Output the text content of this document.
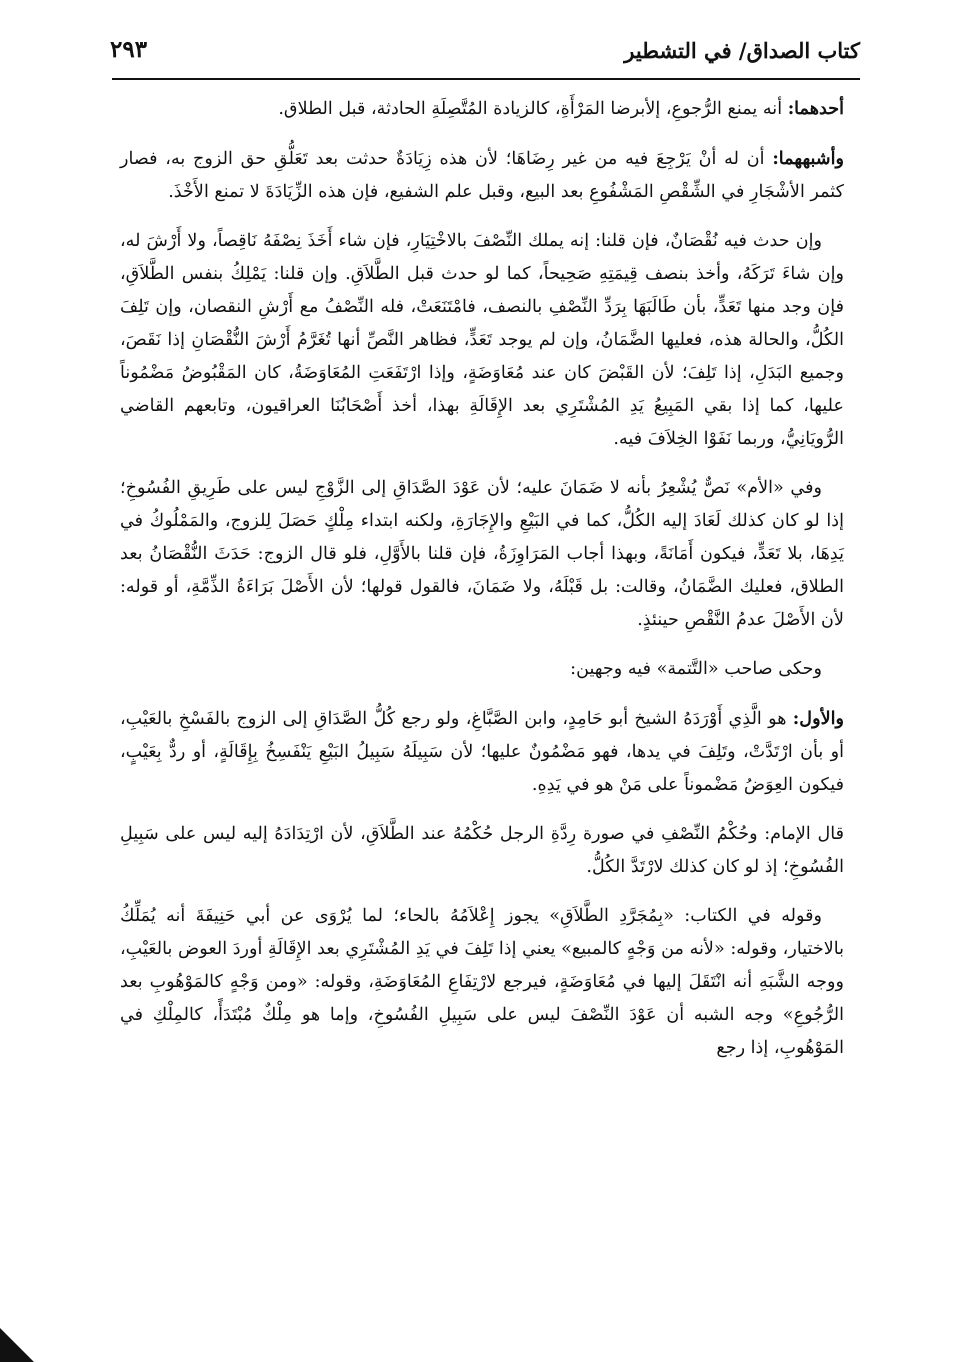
كتاب الصداق/ في التشطير
٢٩٣

أحدهما: أنه يمنع الرُّجوعِ، إلأبرضا المَرْأَةِ، كالزيادة المُتَّصِلَةِ الحادثة، قبل الطلاق.

وأشبههما: أن له أنْ يَرْجِعَ فيه من غير رِضَاهَا؛ لأن هذه زِيَادَةٌ حدثت بعد تَعَلُّقِ حق الزوج به، فصار كثمر الأشْجَارِ في الشِّقْصِ المَشْفُوعِ بعد البيع، وقبل علم الشفيع، فإن هذه الزِّيَادَةَ لا تمنع الأَخْذَ.

وإن حدث فيه نُقْصَانٌ، فإن قلنا: إنه يملك النِّصْفَ بالاخْتِيَارِ، فإن شاء أَخَذَ نِصْفَهُ نَاقِصاً، ولا أَرْشَ له، وإن شاءَ تَرَكَهُ، وأخذ بنصف قِيمَتِهِ صَحِيحاً، كما لو حدث قبل الطَّلاَقِ. وإن قلنا: يَمْلِكُ بنفس الطَّلاَقِ، فإن وجد منها تَعَدٍّ، بأن طَالَبَهَا بِرَدِّ النِّصْفِ بالنصف، فامْتَنَعَتْ، فله النِّصْفُ مع أَرْشِ النقصان، وإن تَلِفَ الكُلُّ، والحالة هذه، فعليها الضَّمَانُ، وإن لم يوجد تَعَدٍّ، فظاهر النَّصِّ أنها تُغَرَّمُ أَرْشَ النُّقْصَانِ إذا نَقَصَ، وجميع البَدَلِ، إذا تَلِفَ؛ لأن القَبْضَ كان عند مُعَاوَضَةٍ، وإذا ارْتَفَعَتِ المُعَاوَضَةُ، كان المَقْبُوضُ مَضْمُوناً عليها، كما إذا بقي المَبِيعُ يَدِ المُشْتَرِي بعد الإِقَالَةِ بهذا، أخذ أَصْحَابُنَا العراقيون، وتابعهم القاضي الرُّويَانِيُّ، وربما نَفَوْا الخِلاَفَ فيه.

وفي «الأم» نَصٌّ يُشْعِرُ بأنه لا ضَمَانَ عليه؛ لأن عَوْدَ الصَّدَاقِ إلى الزَّوْجِ ليس على طَرِيقِ الفُسُوخِ؛ إذا لو كان كذلك لَعَادَ إليه الكُلُّ، كما في البَيْعِ والإِجَارَةِ، ولكنه ابتداء مِلْكٍ حَصَلَ لِلزوج، والمَمْلُوكُ في يَدِهَا، بلا تَعَدٍّ، فيكون أَمَانَةً، وبهذا أجاب المَرَاوِزَةُ، فإن قلنا بالأَوَّلِ، فلو قال الزوج: حَدَثَ النُّقْصَانُ بعد الطلاق، فعليك الضَّمَانُ، وقالت: بل قَبْلَهُ، ولا ضَمَانَ، فالقول قولها؛ لأن الأَصْلَ بَرَاءَةُ الذِّمَّةِ، أو قوله: لأن الأَصْلَ عدمُ النَّقْصِ حينئذٍ.

وحكى صاحب «التَّتمة» فيه وجهين:

والأول: هو الَّذِي أَوْرَدَهُ الشيخ أبو حَامِدٍ، وابن الصَّبَّاغِ، ولو رجع كُلُّ الصَّدَاقِ إلى الزوج بالفَسْخِ بالعَيْبِ، أو بأن ارْتَدَّتْ، وتَلِفَ في يدها، فهو مَضْمُونٌ عليها؛ لأن سَبِيلَهُ سَبِيلُ البَيْعِ يَنْفَسِخُ بِإِقَالَةٍ، أو ردٌّ بِعَيْبٍ، فيكون العِوَضُ مَضْموناً على مَنْ هو في يَدِهِ.

قال الإمام: وحُكْمُ النِّصْفِ في صورة رِدَّةِ الرجل حُكْمُهُ عند الطَّلاَقِ، لأن ارْتِدَادَهُ إليه ليس على سَبِيلِ الفُسُوخِ؛ إذ لو كان كذلك لارْتَدَّ الكُلُّ.

وقوله في الكتاب: «بِمُجَرَّدِ الطَّلاَقِ» يجوز إِعْلاَمُهُ بالحاء؛ لما يُرْوَى عن أبي حَنِيفَةَ أنه يُمَلِّكُ بالاختيار، وقوله: «لأنه من وَجْهٍ كالمبيع» يعني إذا تَلِفَ في يَدِ المُشْتَرِي بعد الإِقَالَةِ أوردَ العوض بالعَيْبِ، ووجه الشَّبَهِ أنه انْتَقَلَ إليها في مُعَاوَضَةٍ، فيرجع لارْتِفَاعِ المُعَاوَضَةِ، وقوله: «ومن وَجْهٍ كالمَوْهُوبِ بعد الرُّجُوعِ» وجه الشبه أن عَوْدَ النِّصْفَ ليس على سَبِيلِ الفُسُوخِ، وإما هو مِلْكٌ مُبْتَدَأً، كالمِلْكِ في المَوْهُوبِ، إذا رجع
